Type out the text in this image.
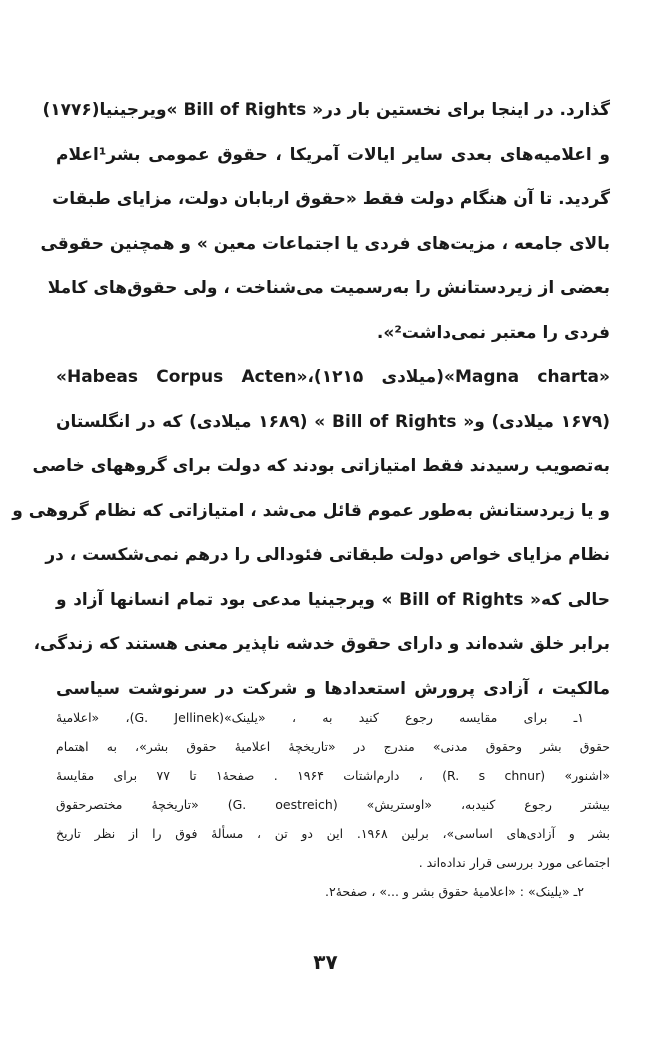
گذارد. در اینجا برای نخستین بار در« Bill of Rights »ویرجینیا(۱۷۷۶)
و اعلامیه‌های بعدی سایر ایالات آمریکا ، حقوق عمومی بشر¹اعلام
گردید. تا آن هنگام دولت فقط «حقوق اربابان دولت، مزایای طبقات
بالای جامعه ، مزیت‌های فردی یا اجتماعات معین » و همچنین حقوقی
بعضی از زیردستانش را به‌رسمیت می‌شناخت ، ولی حقوق‌های کاملا
فردی را معتبر نمی‌داشت²».
«Habeas Corpus Acten»،(۱۲۱۵ میلادی)«Magna charta»
(۱۶۷۹ میلادی) و« Bill of Rights » (۱۶۸۹ میلادی) که در انگلستان
به‌تصویب رسیدند فقط امتیازاتی بودند که دولت برای گروههای خاصی
و یا زیردستانش به‌طور عموم قائل می‌شد ، امتیازاتی که نظام گروهی و
نظام مزایای خواص دولت طبقاتی فئودالی را درهم نمی‌شکست ، در
حالی که« Bill of Rights » ویرجینیا مدعی بود تمام انسانها آزاد و
برابر خلق شده‌اند و دارای حقوق خدشه ناپذیر معنی هستند که زندگی،
مالکیت ، آزادی پرورش استعدادها و شرکت در سرنوشت سیاسی
۱ـ برای مقایسه رجوع کنید به ، «یلینک»(G. Jellinek)، «اعلامیهٔ
حقوق بشر وحقوق مدنی» مندرج در «تاریخچهٔ اعلامیهٔ حقوق بشر»، به اهتمام
«اشنور» (R. s chnur) ، دارم‌اشتات ۱۹۶۴ . صفحهٔ۱ تا ۷۷ برای مقایسهٔ
بیشتر رجوع کنیدبه، «اوستریش» (G. oestreich) «تاریخچهٔ مختصرحقوق
بشر و آزادی‌های اساسی»، برلین ۱۹۶۸. این دو تن ، مسألهٔ فوق را از نظر تاریخ
اجتماعی مورد بررسی قرار نداده‌اند .
۲ـ «یلینک» : «اعلامیهٔ حقوق بشر و ...» ، صفحهٔ۲.
۳۷
